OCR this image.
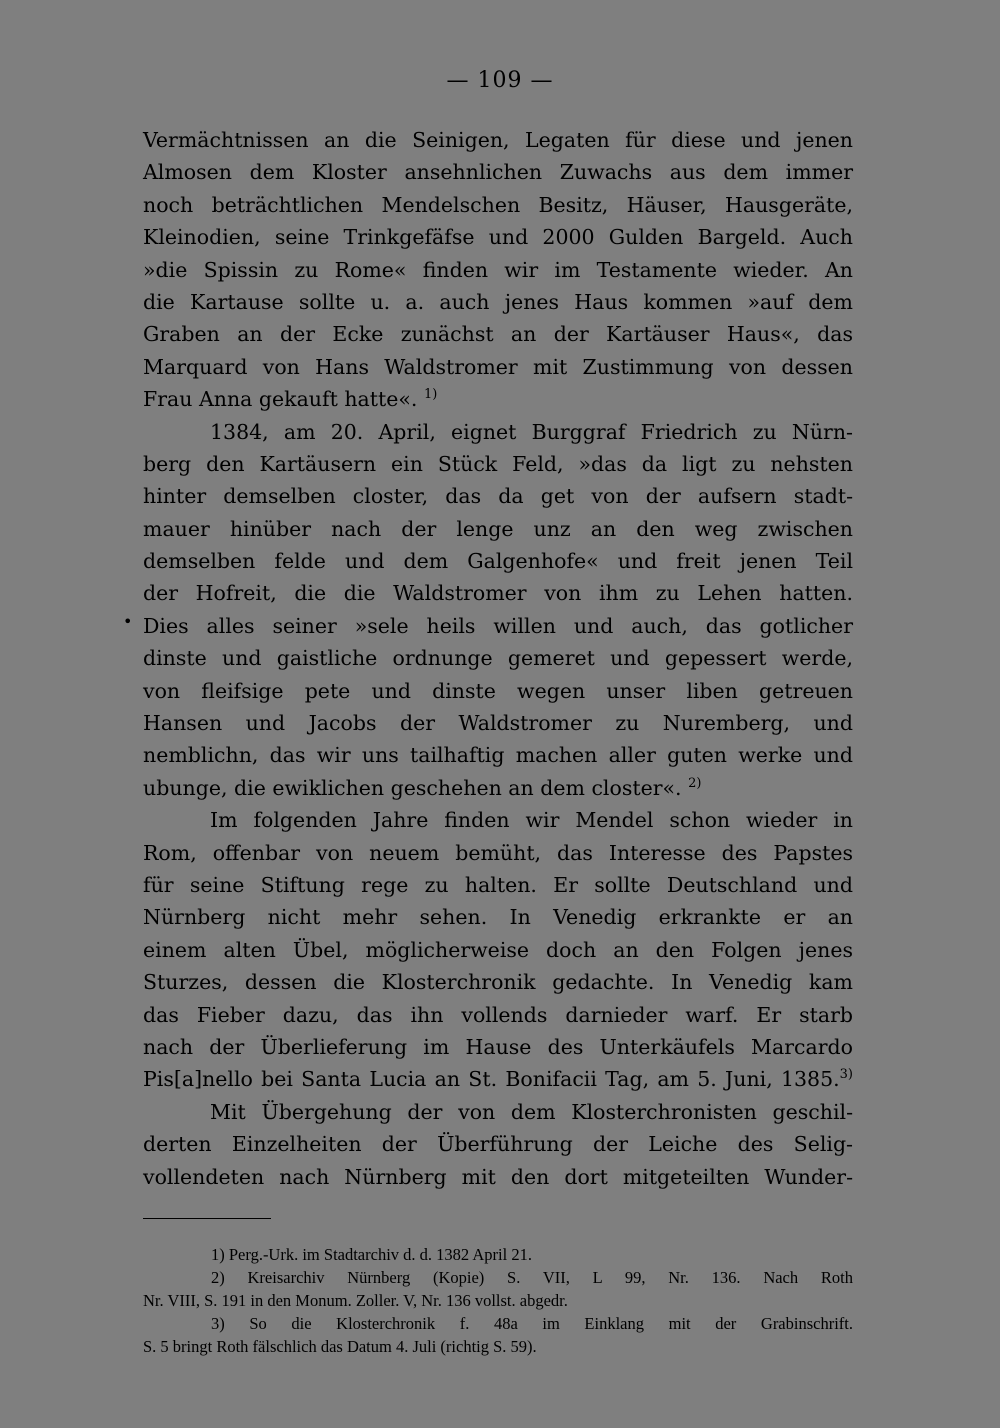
— 109 —
•
Vermächtnissen an die Seinigen, Legaten für diese und jenen
Almosen dem Kloster ansehnlichen Zuwachs aus dem immer
noch beträchtlichen Mendelschen Besitz, Häuser, Hausgeräte,
Kleinodien, seine Trinkgefäfse und 2000 Gulden Bargeld. Auch
»die Spissin zu Rome« finden wir im Testamente wieder. An
die Kartause sollte u. a. auch jenes Haus kommen »auf dem
Graben an der Ecke zunächst an der Kartäuser Haus«, das
Marquard von Hans Waldstromer mit Zustimmung von dessen
Frau Anna gekauft hatte«. $^{1)}$
1384, am 20. April, eignet Burggraf Friedrich zu Nürn-
berg den Kartäusern ein Stück Feld, »das da ligt zu nehsten
hinter demselben closter, das da get von der aufsern stadt-
mauer hinüber nach der lenge unz an den weg zwischen
demselben felde und dem Galgenhofe« und freit jenen Teil
der Hofreit, die die Waldstromer von ihm zu Lehen hatten.
Dies alles seiner »sele heils willen und auch, das gotlicher
dinste und gaistliche ordnunge gemeret und gepessert werde,
von fleifsige pete und dinste wegen unser liben getreuen
Hansen und Jacobs der Waldstromer zu Nuremberg, und
nemblichn, das wir uns tailhaftig machen aller guten werke und
ubunge, die ewiklichen geschehen an dem closter«. $^{2)}$
Im folgenden Jahre finden wir Mendel schon wieder in
Rom, offenbar von neuem bemüht, das Interesse des Papstes
für seine Stiftung rege zu halten. Er sollte Deutschland und
Nürnberg nicht mehr sehen. In Venedig erkrankte er an
einem alten Übel, möglicherweise doch an den Folgen jenes
Sturzes, dessen die Klosterchronik gedachte. In Venedig kam
das Fieber dazu, das ihn vollends darnieder warf. Er starb
nach der Überlieferung im Hause des Unterkäufels Marcardo
Pis[a]nello bei Santa Lucia an St. Bonifacii Tag, am 5. Juni, 1385.$^{3)}$
Mit Übergehung der von dem Klosterchronisten geschil-
derten Einzelheiten der Überführung der Leiche des Selig-
vollendeten nach Nürnberg mit den dort mitgeteilten Wunder-
1) Perg.-Urk. im Stadtarchiv d. d. 1382 April 21.
2) Kreisarchiv Nürnberg (Kopie) S. VII, L 99, Nr. 136. Nach Roth
Nr. VIII, S. 191 in den Monum. Zoller. V, Nr. 136 vollst. abgedr.
3) So die Klosterchronik f. 48a im Einklang mit der Grabinschrift.
S. 5 bringt Roth fälschlich das Datum 4. Juli (richtig S. 59).
